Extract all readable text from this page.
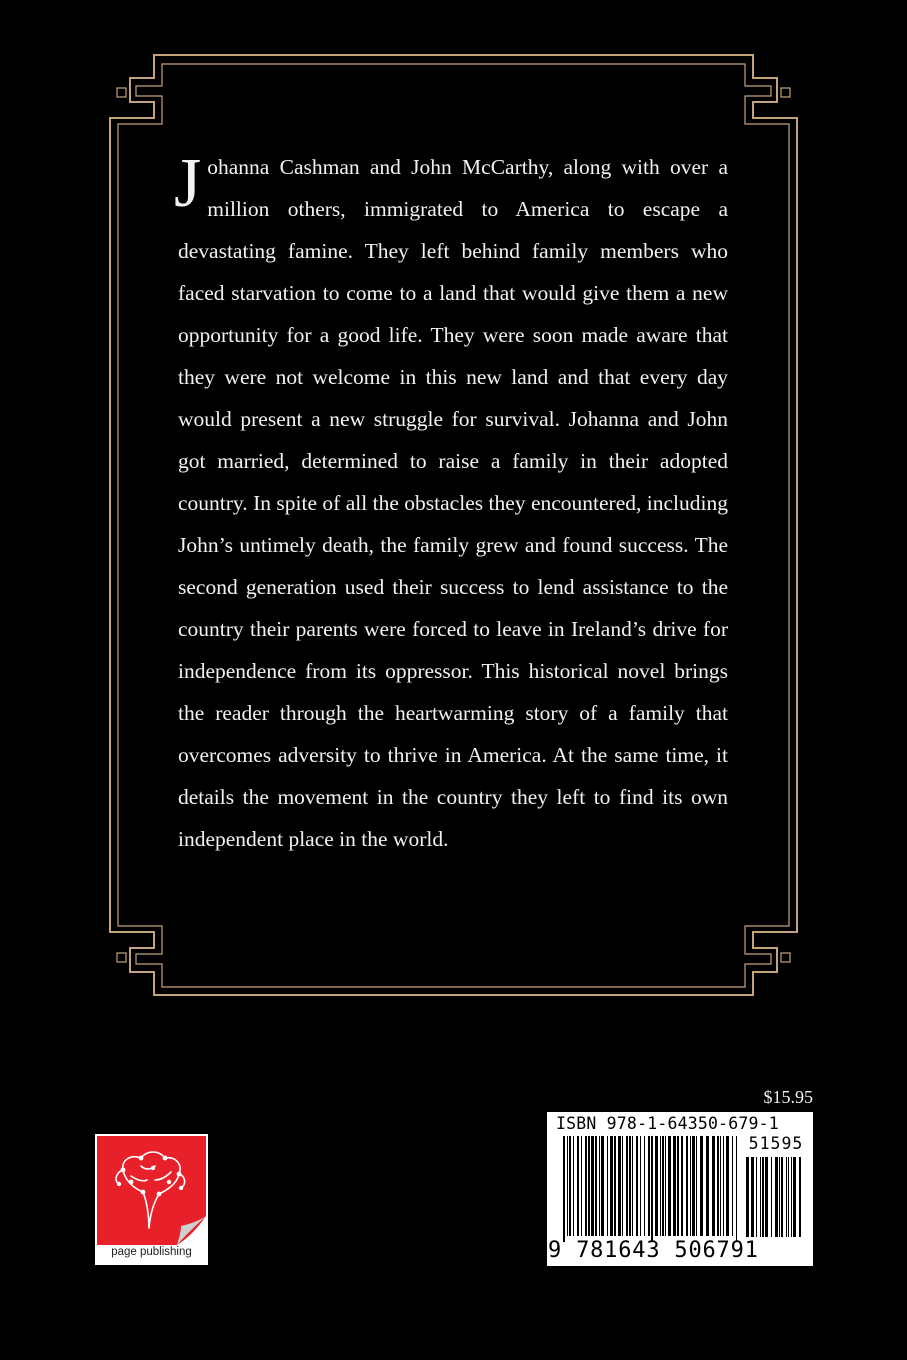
Johanna Cashman and John McCarthy, along with over a million others, immigrated to America to escape a devastating famine. They left behind family members who faced starvation to come to a land that would give them a new opportunity for a good life. They were soon made aware that they were not welcome in this new land and that every day would present a new struggle for survival. Johanna and John got married, determined to raise a family in their adopted country. In spite of all the obstacles they encountered, including John’s untimely death, the family grew and found success. The second generation used their success to lend assistance to the country their parents were forced to leave in Ireland’s drive for independence from its oppressor. This historical novel brings the reader through the heartwarming story of a family that overcomes adversity to thrive in America. At the same time, it details the movement in the country they left to find its own independent place in the world.

$15.95
ISBN 978-1-64350-679-1
51595
9 781643 506791
page publishing
